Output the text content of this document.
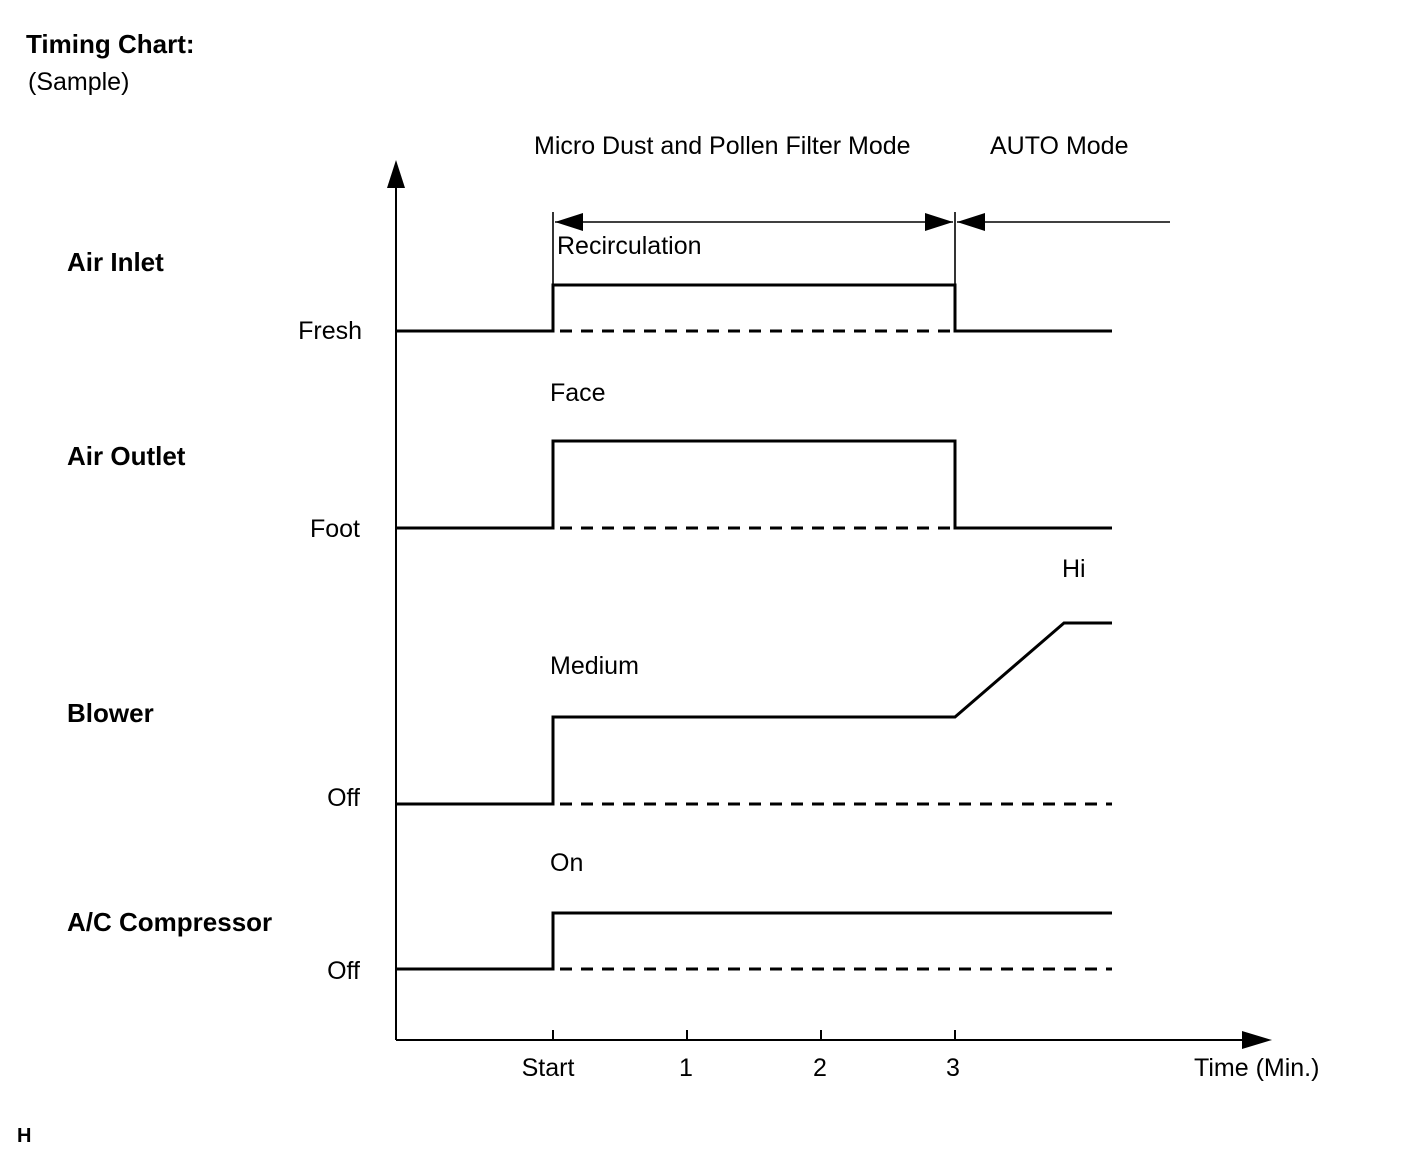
Timing Chart:
(Sample)
Micro Dust and Pollen Filter Mode	AUTO Mode
Start	1	2	3	Time (Min.)
Air Inlet
Fresh
Recirculation
Air Outlet
Foot
Face
Blower
Off
Medium
Hi
A/C Compressor
Off
On
H
